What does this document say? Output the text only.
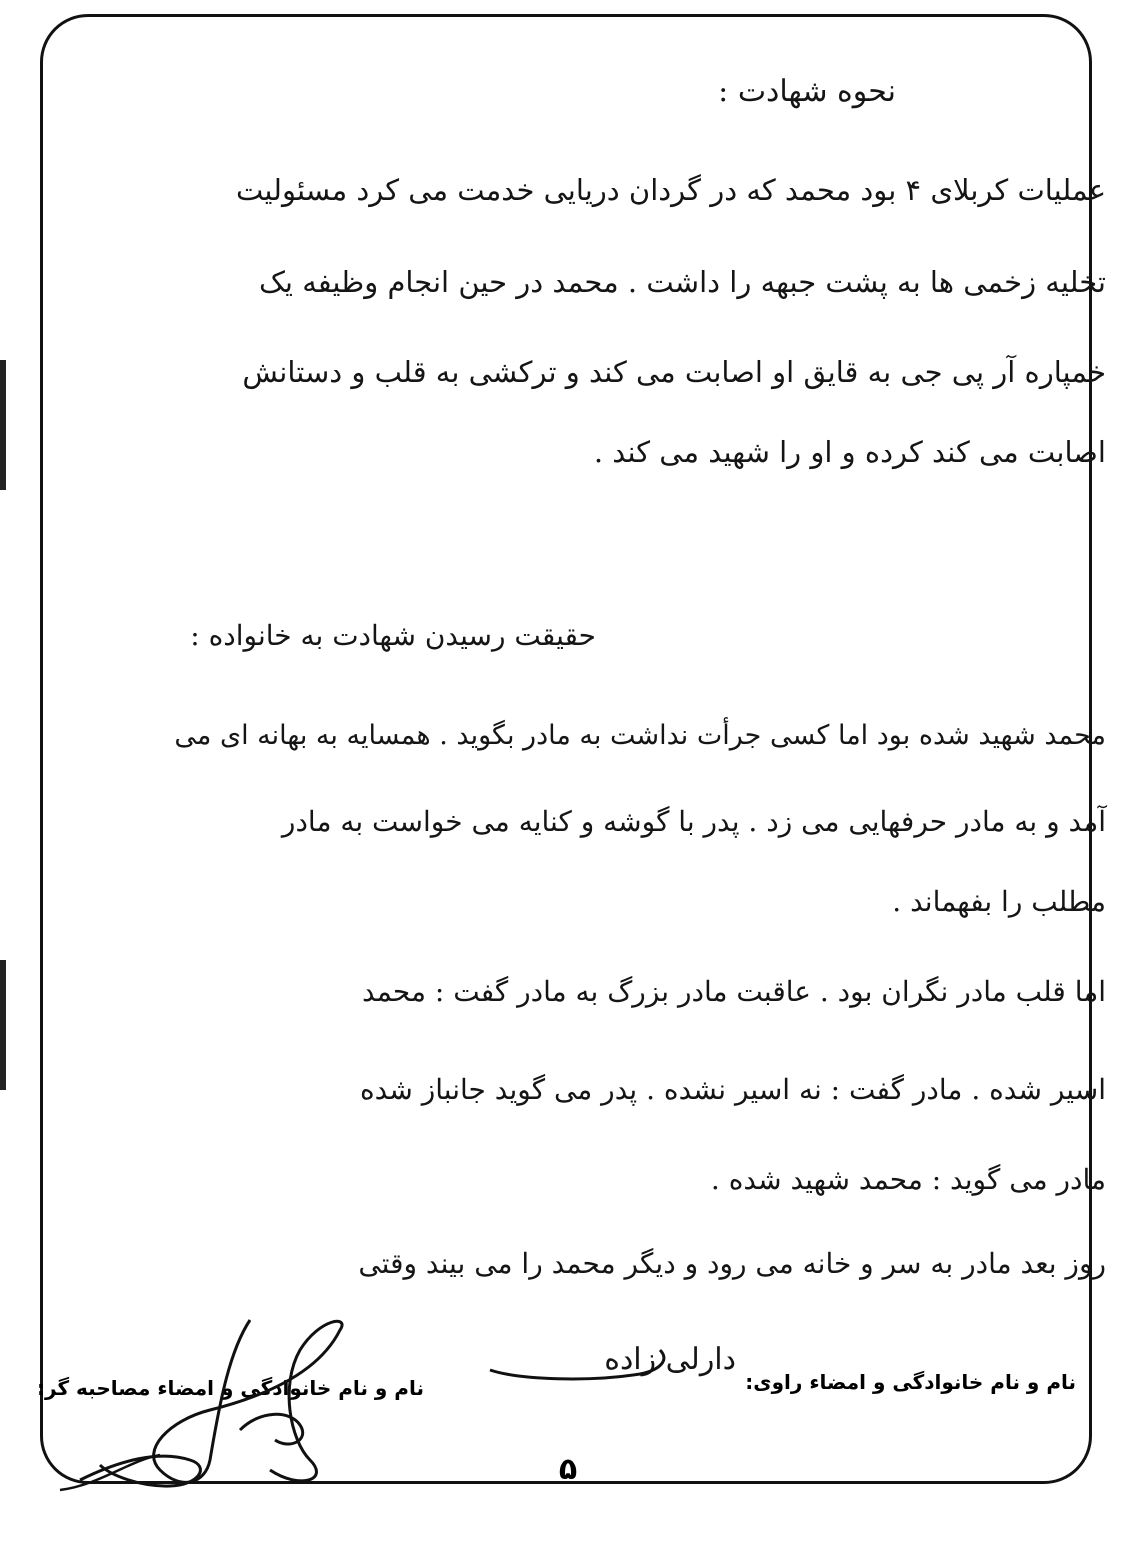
نحوه شهادت :
عملیات کربلای ۴ بود محمد که در گردان دریایی خدمت می کرد مسئولیت
تخلیه زخمی ها به پشت جبهه را داشت . محمد در حین انجام وظیفه یک
خمپاره آر پی جی به قایق او اصابت می کند و ترکشی به قلب و دستانش
اصابت می کند کرده و او را شهید می کند .
حقیقت رسیدن شهادت به خانواده :
محمد شهید شده بود اما کسی جرأت نداشت به مادر بگوید . همسایه به بهانه ای می
آمد و به مادر حرفهایی می زد . پدر با گوشه و کنایه می خواست به مادر
مطلب را بفهماند .
اما قلب مادر نگران بود . عاقبت مادر بزرگ به مادر گفت : محمد
اسیر شده . مادر گفت : نه اسیر نشده . پدر می گوید جانباز شده
مادر می گوید : محمد شهید شده .
روز بعد مادر به سر و خانه می رود و دیگر محمد را می بیند وقتی
نام و نام خانوادگی و امضاء راوی:
دارلی زاده
نام و نام خانوادگی و امضاء مصاحبه گر:
۵
